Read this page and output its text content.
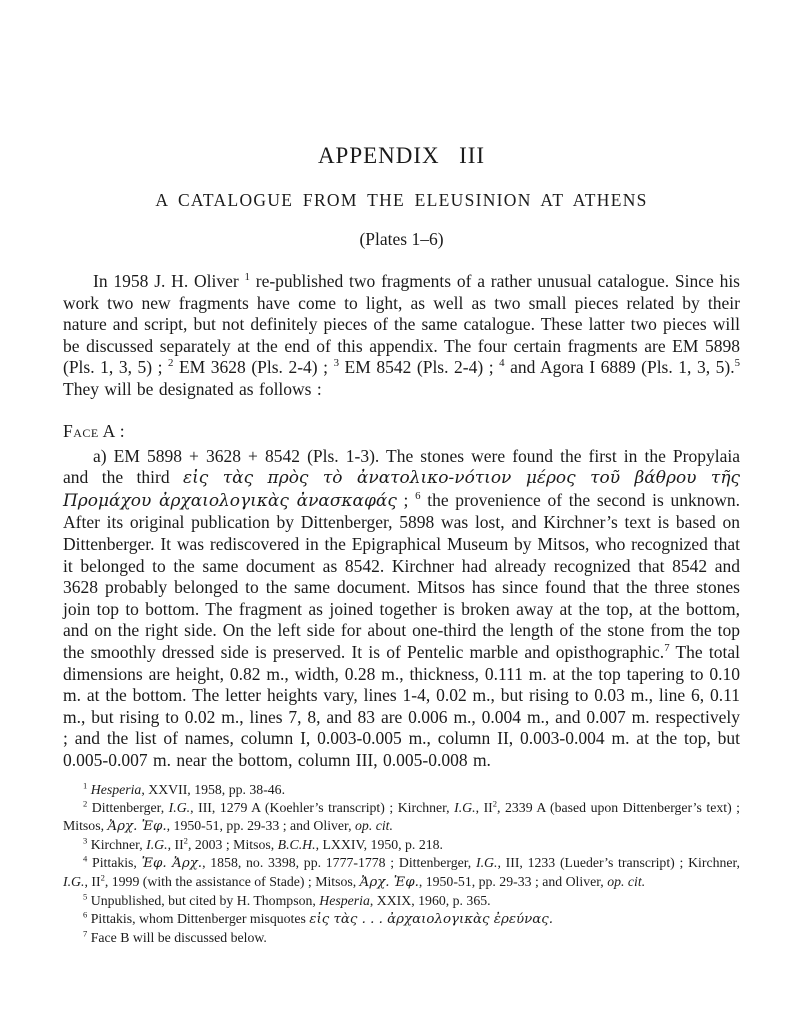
APPENDIX III
A CATALOGUE FROM THE ELEUSINION AT ATHENS
(Plates 1–6)

In 1958 J. H. Oliver $^1$ re-published two fragments of a rather unusual catalogue. Since his work two new fragments have come to light, as well as two small pieces related by their nature and script, but not definitely pieces of the same catalogue. These latter two pieces will be discussed separately at the end of this appendix. The four certain fragments are EM 5898 (Pls. 1, 3, 5) ; $^2$ EM 3628 (Pls. 2-4) ; $^3$ EM 8542 (Pls. 2-4) ; $^4$ and Agora I 6889 (Pls. 1, 3, 5).$^5$ They will be designated as follows :

Face A :

a) EM 5898 + 3628 + 8542 (Pls. 1-3). The stones were found the first in the Propylaia and the third εἰς τὰς πρὸς τὸ ἀνατολικο-νότιον μέρος τοῦ βάθρου τῆς Προμάχου ἀρχαιολογικὰς ἀνασκαφάς ; $^6$ the provenience of the second is unknown. After its original publication by Dittenberger, 5898 was lost, and Kirchner’s text is based on Dittenberger. It was rediscovered in the Epigraphical Museum by Mitsos, who recognized that it belonged to the same document as 8542. Kirchner had already recognized that 8542 and 3628 probably belonged to the same document. Mitsos has since found that the three stones join top to bottom. The fragment as joined together is broken away at the top, at the bottom, and on the right side. On the left side for about one-third the length of the stone from the top the smoothly dressed side is preserved. It is of Pentelic marble and opisthographic.$^7$ The total dimensions are height, 0.82 m., width, 0.28 m., thickness, 0.111 m. at the top tapering to 0.10 m. at the bottom. The letter heights vary, lines 1-4, 0.02 m., but rising to 0.03 m., line 6, 0.11 m., but rising to 0.02 m., lines 7, 8, and 83 are 0.006 m., 0.004 m., and 0.007 m. respectively ; and the list of names, column I, 0.003-0.005 m., column II, 0.003-0.004 m. at the top, but 0.005-0.007 m. near the bottom, column III, 0.005-0.008 m.

$^1$ Hesperia, XXVII, 1958, pp. 38-46.

$^2$ Dittenberger, I.G., III, 1279 A (Koehler’s transcript) ; Kirchner, I.G., $II^2$, 2339 A (based upon Dittenberger’s text) ; Mitsos, Ἀρχ. Ἐφ., 1950-51, pp. 29-33 ; and Oliver, op. cit.

$^3$ Kirchner, I.G., $II^2$, 2003 ; Mitsos, B.C.H., LXXIV, 1950, p. 218.

$^4$ Pittakis, Ἐφ. Ἀρχ., 1858, no. 3398, pp. 1777-1778 ; Dittenberger, I.G., III, 1233 (Lueder’s transcript) ; Kirchner, I.G., $II^2$, 1999 (with the assistance of Stade) ; Mitsos, Ἀρχ. Ἐφ., 1950-51, pp. 29-33 ; and Oliver, op. cit.

$^5$ Unpublished, but cited by H. Thompson, Hesperia, XXIX, 1960, p. 365.

$^6$ Pittakis, whom Dittenberger misquotes εἰς τὰς . . . ἀρχαιολογικὰς ἐρεύνας.

$^7$ Face B will be discussed below.
